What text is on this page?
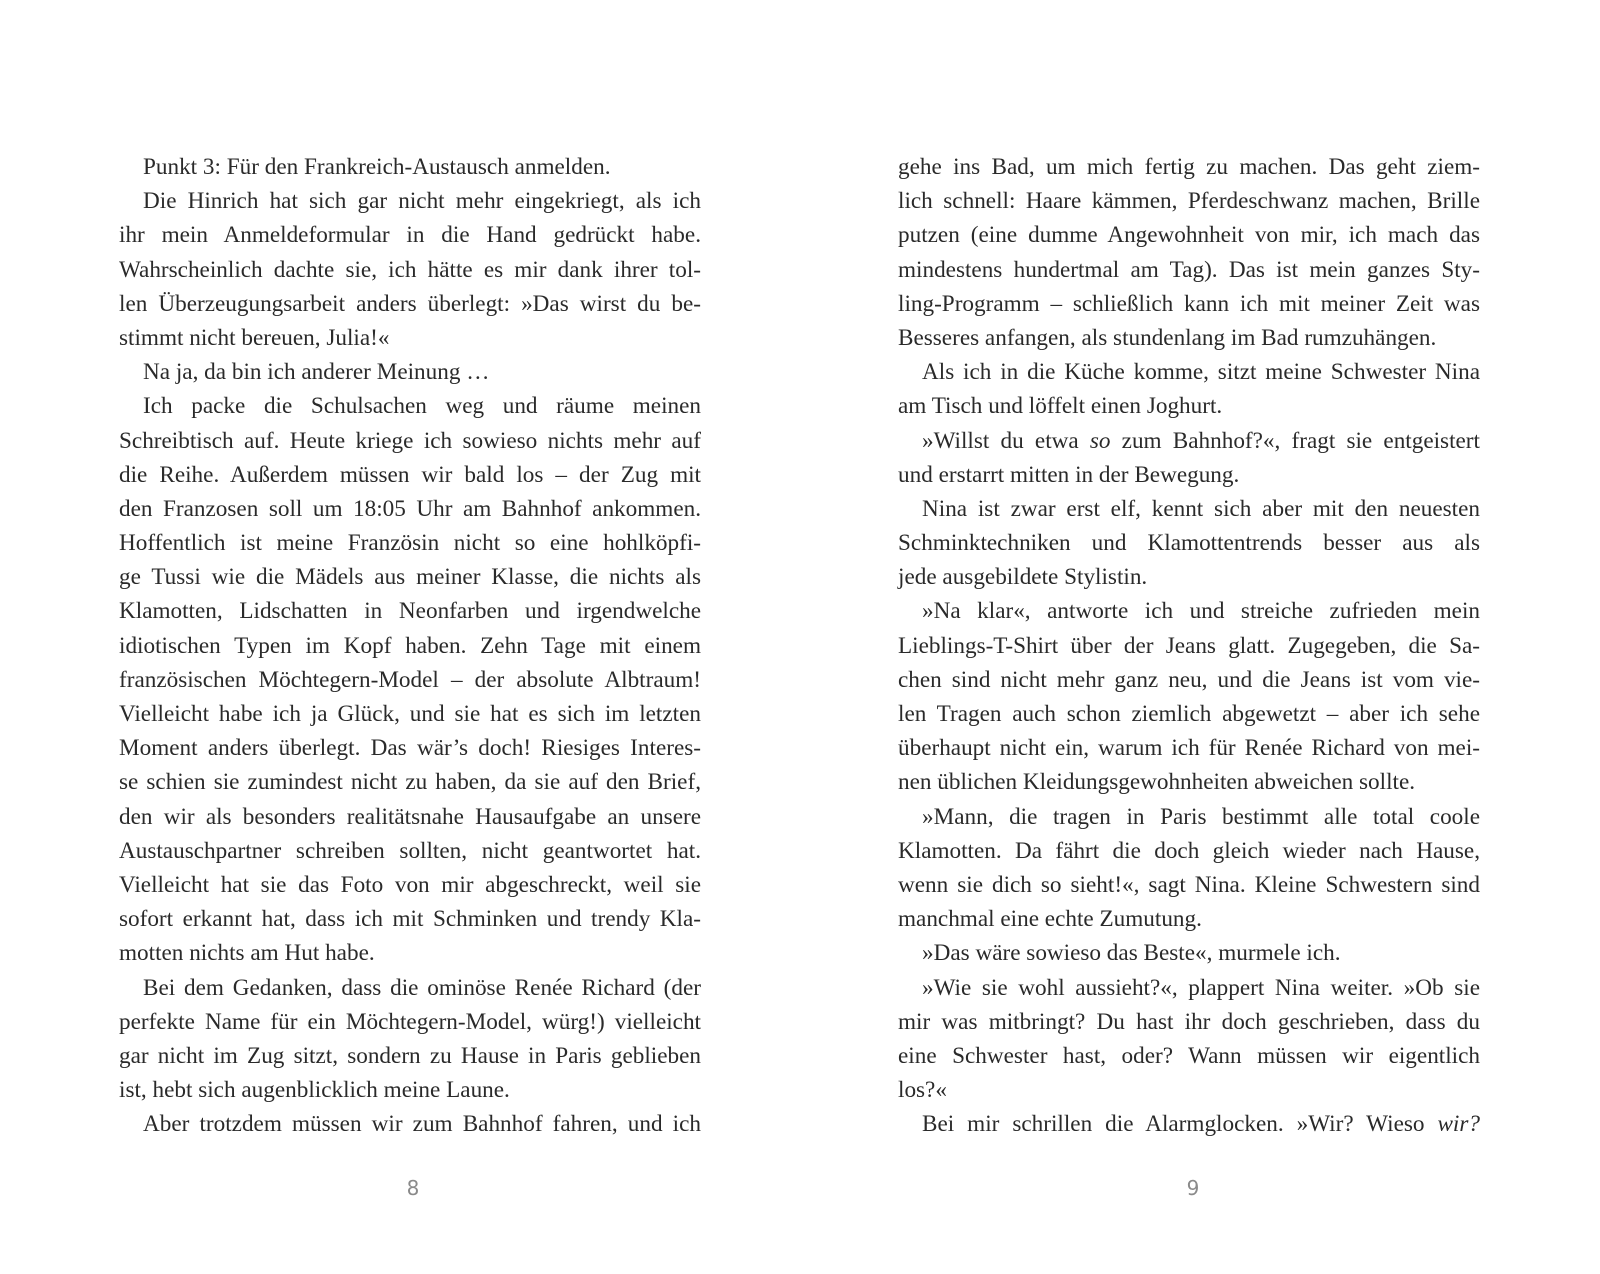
Punkt 3: Für den Frankreich-Austausch anmelden.
Die Hinrich hat sich gar nicht mehr eingekriegt, als ich
ihr mein Anmeldeformular in die Hand gedrückt habe.
Wahrscheinlich dachte sie, ich hätte es mir dank ihrer tol-
len Überzeugungsarbeit anders überlegt: »Das wirst du be-
stimmt nicht bereuen, Julia!«
Na ja, da bin ich anderer Meinung …
Ich packe die Schulsachen weg und räume meinen
Schreibtisch auf. Heute kriege ich sowieso nichts mehr auf
die Reihe. Außerdem müssen wir bald los – der Zug mit
den Franzosen soll um 18:05 Uhr am Bahnhof ankommen.
Hoffentlich ist meine Französin nicht so eine hohlköpfi-
ge Tussi wie die Mädels aus meiner Klasse, die nichts als
Klamotten, Lidschatten in Neonfarben und irgendwelche
idiotischen Typen im Kopf haben. Zehn Tage mit einem
französischen Möchtegern-Model – der absolute Albtraum!
Vielleicht habe ich ja Glück, und sie hat es sich im letzten
Moment anders überlegt. Das wär’s doch! Riesiges Interes-
se schien sie zumindest nicht zu haben, da sie auf den Brief,
den wir als besonders realitätsnahe Hausaufgabe an unsere
Austauschpartner schreiben sollten, nicht geantwortet hat.
Vielleicht hat sie das Foto von mir abgeschreckt, weil sie
sofort erkannt hat, dass ich mit Schminken und trendy Kla-
motten nichts am Hut habe.
Bei dem Gedanken, dass die ominöse Renée Richard (der
perfekte Name für ein Möchtegern-Model, würg!) vielleicht
gar nicht im Zug sitzt, sondern zu Hause in Paris geblieben
ist, hebt sich augenblicklich meine Laune.
Aber trotzdem müssen wir zum Bahnhof fahren, und ich
8
gehe ins Bad, um mich fertig zu machen. Das geht ziem-
lich schnell: Haare kämmen, Pferdeschwanz machen, Brille
putzen (eine dumme Angewohnheit von mir, ich mach das
mindestens hundertmal am Tag). Das ist mein ganzes Sty-
ling-Programm – schließlich kann ich mit meiner Zeit was
Besseres anfangen, als stundenlang im Bad rumzuhängen.
Als ich in die Küche komme, sitzt meine Schwester Nina
am Tisch und löffelt einen Joghurt.
»Willst du etwa so zum Bahnhof?«, fragt sie entgeistert
und erstarrt mitten in der Bewegung.
Nina ist zwar erst elf, kennt sich aber mit den neuesten
Schminktechniken und Klamottentrends besser aus als
jede ausgebildete Stylistin.
»Na klar«, antworte ich und streiche zufrieden mein
Lieblings-T-Shirt über der Jeans glatt. Zugegeben, die Sa-
chen sind nicht mehr ganz neu, und die Jeans ist vom vie-
len Tragen auch schon ziemlich abgewetzt – aber ich sehe
überhaupt nicht ein, warum ich für Renée Richard von mei-
nen üblichen Kleidungsgewohnheiten abweichen sollte.
»Mann, die tragen in Paris bestimmt alle total coole
Klamotten. Da fährt die doch gleich wieder nach Hause,
wenn sie dich so sieht!«, sagt Nina. Kleine Schwestern sind
manchmal eine echte Zumutung.
»Das wäre sowieso das Beste«, murmele ich.
»Wie sie wohl aussieht?«, plappert Nina weiter. »Ob sie
mir was mitbringt? Du hast ihr doch geschrieben, dass du
eine Schwester hast, oder? Wann müssen wir eigentlich
los?«
Bei mir schrillen die Alarmglocken. »Wir? Wieso wir?
9
